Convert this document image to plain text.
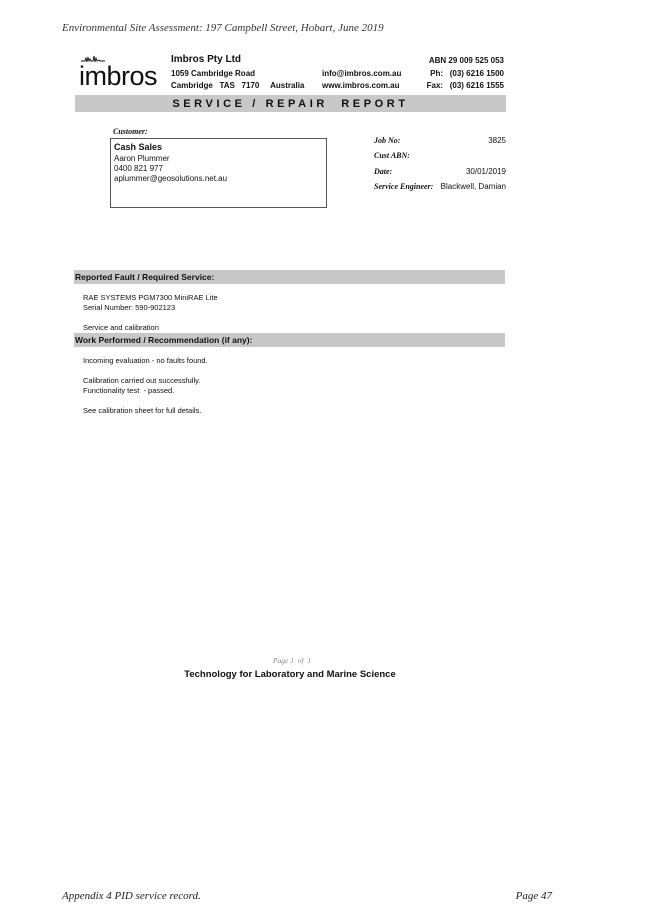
Environmental Site Assessment: 197 Campbell Street, Hobart, June 2019
imbros
Imbros Pty Ltd
1059 Cambridge Road
Cambridge   TAS   7170     Australia
info@imbros.com.au
www.imbros.com.au
ABN 29 009 525 053
Ph:   (03) 6216 1500
Fax:   (03) 6216 1555
SERVICE / REPAIR  REPORT
Customer:
Cash Sales
Aaron Plummer
0400 821 977
aplummer@geosolutions.net.au
Job No:	3825
Cust ABN:
Date:	30/01/2019
Service Engineer: Blackwell, Damian
Reported Fault / Required Service:
RAE SYSTEMS PGM7300 MiniRAE Lite
Serial Number: 590-902123
Service and calibration
Work Performed / Recommendation (if any):
Incoming evaluation - no faults found.
Calibration carried out successfully.
Functionality test  - passed.
See calibration sheet for full details.
Page 1  of  1
Technology for Laboratory and Marine Science
Appendix 4 PID service record.	Page 47
